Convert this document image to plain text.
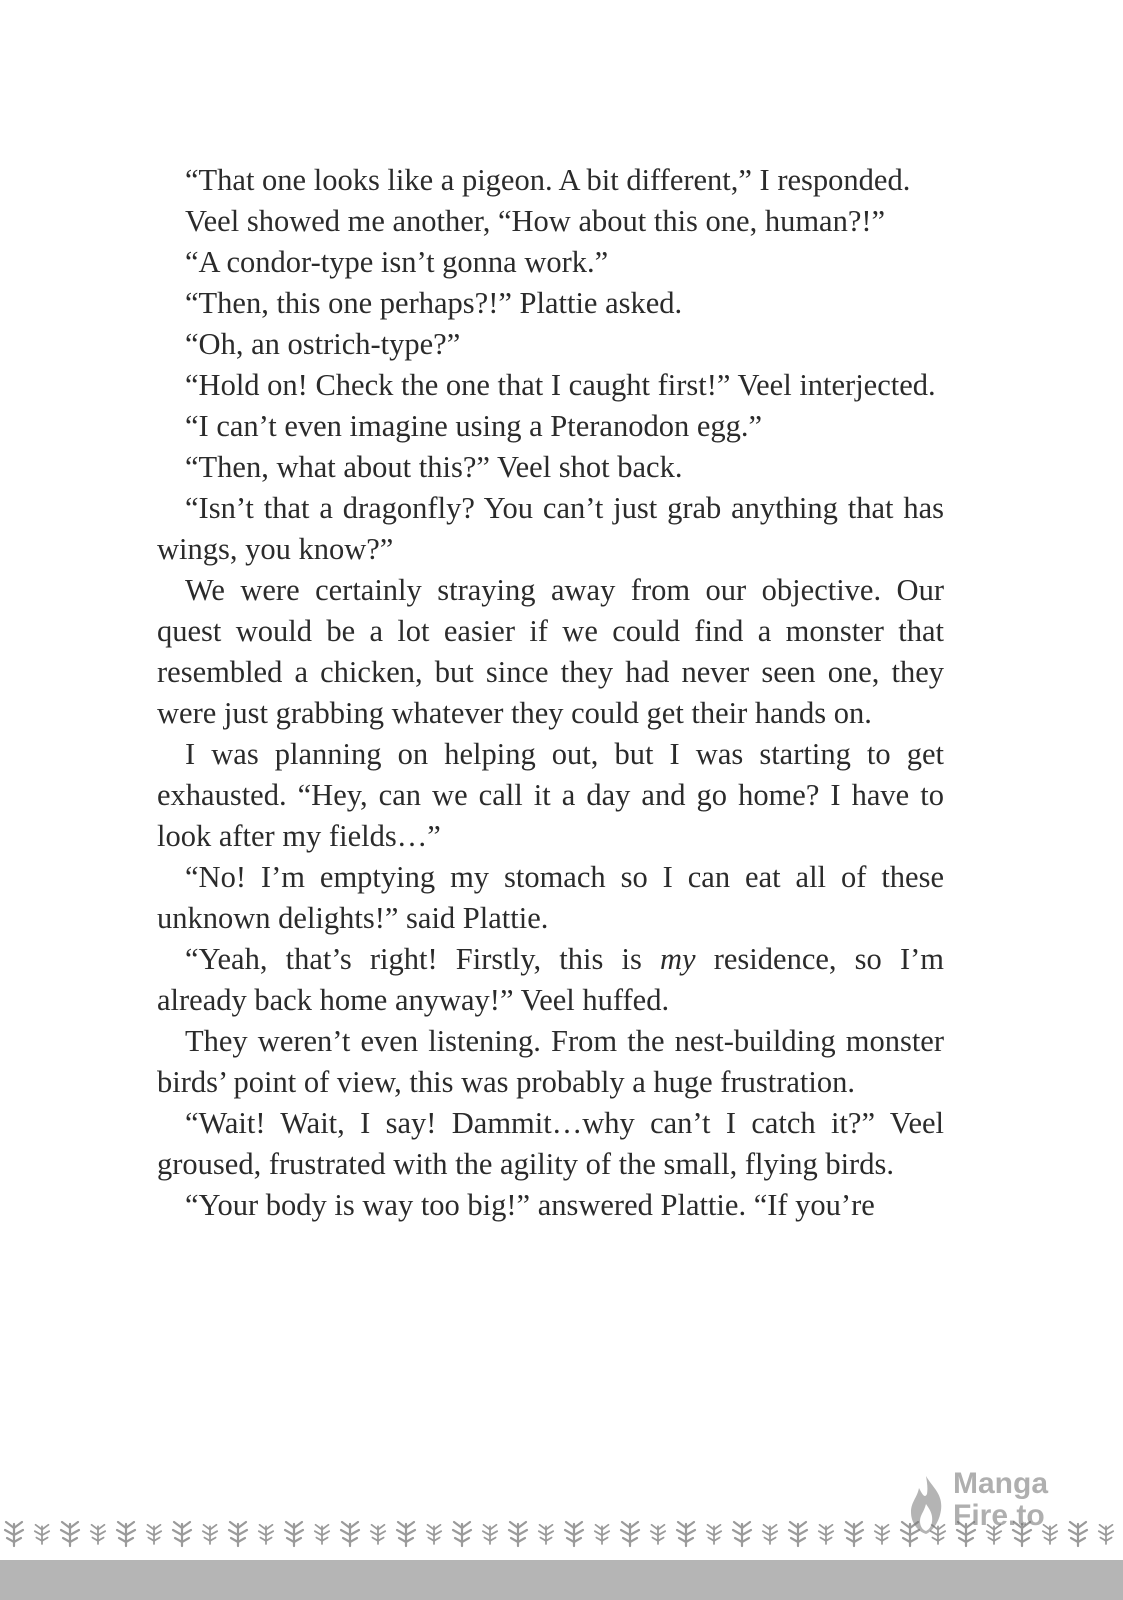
“That one looks like a pigeon. A bit different,” I responded.

Veel showed me another, “How about this one, human?!”

“A condor-type isn’t gonna work.”

“Then, this one perhaps?!” Plattie asked.

“Oh, an ostrich-type?”

“Hold on! Check the one that I caught first!” Veel interjected.

“I can’t even imagine using a Pteranodon egg.”

“Then, what about this?” Veel shot back.

“Isn’t that a dragonfly? You can’t just grab anything that has wings, you know?”

We were certainly straying away from our objective. Our quest would be a lot easier if we could find a monster that resembled a chicken, but since they had never seen one, they were just grabbing whatever they could get their hands on.

I was planning on helping out, but I was starting to get exhausted. “Hey, can we call it a day and go home? I have to look after my fields…”

“No! I’m emptying my stomach so I can eat all of these unknown delights!” said Plattie.

“Yeah, that’s right! Firstly, this is my residence, so I’m already back home anyway!” Veel huffed.

They weren’t even listening. From the nest-building monster birds’ point of view, this was probably a huge frustration.

“Wait! Wait, I say! Dammit…why can’t I catch it?” Veel groused, frustrated with the agility of the small, flying birds.

“Your body is way too big!” answered Plattie. “If you’re

Manga
Fire.to
